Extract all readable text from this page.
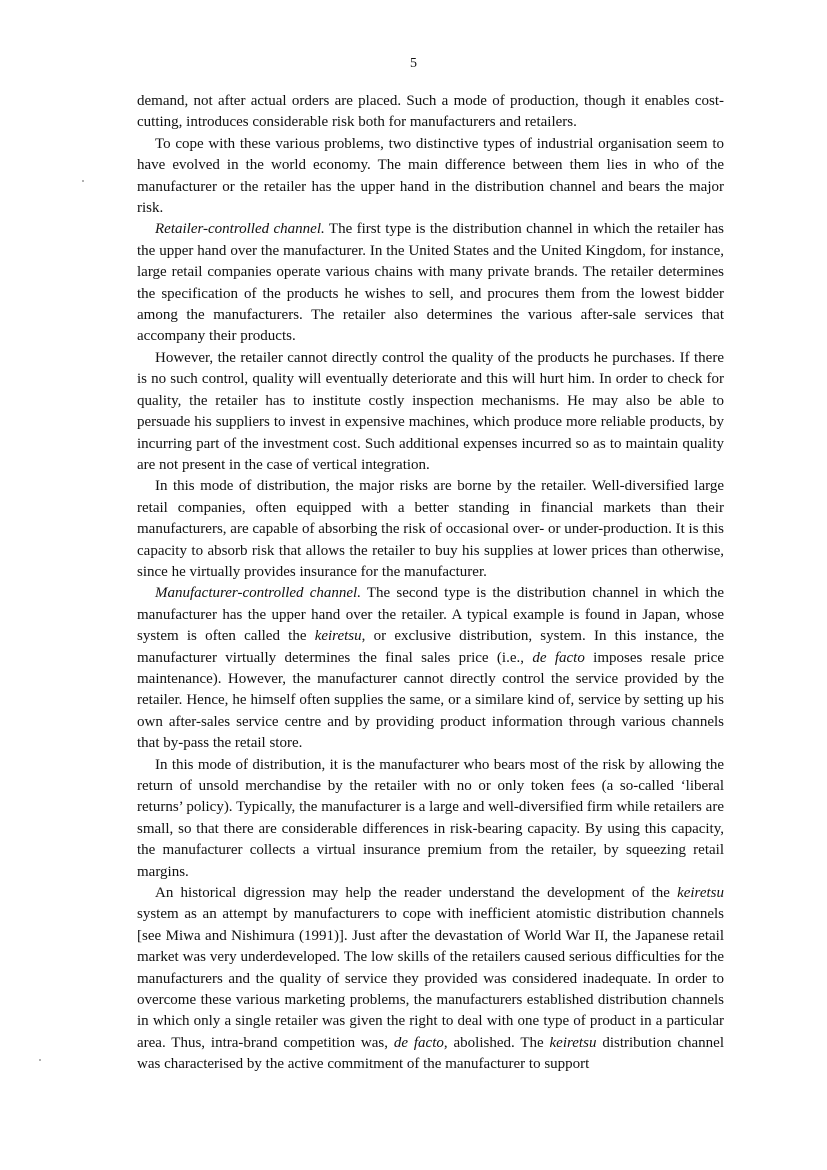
5

demand, not after actual orders are placed. Such a mode of production, though it enables cost-cutting, introduces considerable risk both for manufacturers and retailers.

To cope with these various problems, two distinctive types of industrial organisation seem to have evolved in the world economy. The main difference between them lies in who of the manufacturer or the retailer has the upper hand in the distribution channel and bears the major risk.

Retailer-controlled channel. The first type is the distribution channel in which the retailer has the upper hand over the manufacturer. In the United States and the United Kingdom, for instance, large retail companies operate various chains with many private brands. The retailer determines the specification of the products he wishes to sell, and procures them from the lowest bidder among the manufacturers. The retailer also determines the various after-sale services that accompany their products.

However, the retailer cannot directly control the quality of the products he purchases. If there is no such control, quality will eventually deteriorate and this will hurt him. In order to check for quality, the retailer has to institute costly inspection mechanisms. He may also be able to persuade his suppliers to invest in expensive machines, which produce more reliable products, by incurring part of the investment cost. Such additional expenses incurred so as to maintain quality are not present in the case of vertical integration.

In this mode of distribution, the major risks are borne by the retailer. Well-diversified large retail companies, often equipped with a better standing in financial markets than their manufacturers, are capable of absorbing the risk of occasional over- or under-production. It is this capacity to absorb risk that allows the retailer to buy his supplies at lower prices than otherwise, since he virtually provides insurance for the manufacturer.

Manufacturer-controlled channel. The second type is the distribution channel in which the manufacturer has the upper hand over the retailer. A typical example is found in Japan, whose system is often called the keiretsu, or exclusive distribution, system. In this instance, the manufacturer virtually determines the final sales price (i.e., de facto imposes resale price maintenance). However, the manufacturer cannot directly control the service provided by the retailer. Hence, he himself often supplies the same, or a similare kind of, service by setting up his own after-sales service centre and by providing product information through various channels that by-pass the retail store.

In this mode of distribution, it is the manufacturer who bears most of the risk by allowing the return of unsold merchandise by the retailer with no or only token fees (a so-called ‘liberal returns’ policy). Typically, the manufacturer is a large and well-diversified firm while retailers are small, so that there are considerable differences in risk-bearing capacity. By using this capacity, the manufacturer collects a virtual insurance premium from the retailer, by squeezing retail margins.

An historical digression may help the reader understand the development of the keiretsu system as an attempt by manufacturers to cope with inefficient atomistic distribution channels [see Miwa and Nishimura (1991)]. Just after the devastation of World War II, the Japanese retail market was very underdeveloped. The low skills of the retailers caused serious difficulties for the manufacturers and the quality of service they provided was considered inadequate. In order to overcome these various marketing problems, the manufacturers established distribution channels in which only a single retailer was given the right to deal with one type of product in a particular area. Thus, intra-brand competition was, de facto, abolished. The keiretsu distribution channel was characterised by the active commitment of the manufacturer to support
